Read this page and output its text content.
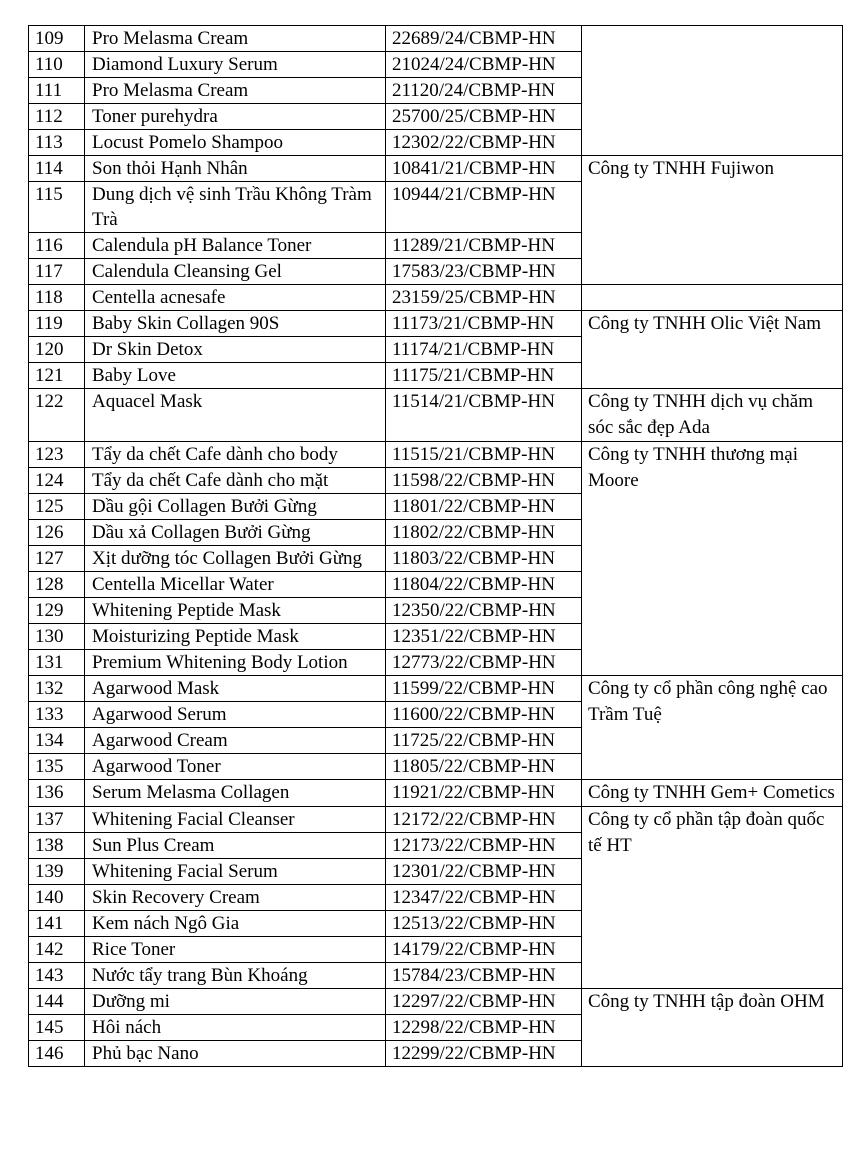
109	Pro Melasma Cream	22689/24/CBMP-HN	
110	Diamond Luxury Serum	21024/24/CBMP-HN	
111	Pro Melasma Cream	21120/24/CBMP-HN	
112	Toner purehydra	25700/25/CBMP-HN	
113	Locust Pomelo Shampoo	12302/22/CBMP-HN	
114	Son thỏi Hạnh Nhân	10841/21/CBMP-HN	Công ty TNHH Fujiwon
115	Dung dịch vệ sinh Trầu Không Tràm Trà	10944/21/CBMP-HN	
116	Calendula pH Balance Toner	11289/21/CBMP-HN	
117	Calendula Cleansing Gel	17583/23/CBMP-HN	
118	Centella acnesafe	23159/25/CBMP-HN	
119	Baby Skin Collagen 90S	11173/21/CBMP-HN	Công ty TNHH Olic Việt Nam
120	Dr Skin Detox	11174/21/CBMP-HN	
121	Baby Love	11175/21/CBMP-HN	
122	Aquacel Mask	11514/21/CBMP-HN	Công ty TNHH dịch vụ chăm sóc sắc đẹp Ada
123	Tẩy da chết Cafe dành cho body	11515/21/CBMP-HN	Công ty TNHH thương mại Moore
124	Tẩy da chết Cafe dành cho mặt	11598/22/CBMP-HN	
125	Dầu gội Collagen Bưởi Gừng	11801/22/CBMP-HN	
126	Dầu xả Collagen Bưởi Gừng	11802/22/CBMP-HN	
127	Xịt dưỡng tóc Collagen Bưởi Gừng	11803/22/CBMP-HN	
128	Centella Micellar Water	11804/22/CBMP-HN	
129	Whitening Peptide Mask	12350/22/CBMP-HN	
130	Moisturizing Peptide Mask	12351/22/CBMP-HN	
131	Premium Whitening Body Lotion	12773/22/CBMP-HN	
132	Agarwood Mask	11599/22/CBMP-HN	Công ty cổ phần công nghệ cao Trầm Tuệ
133	Agarwood Serum	11600/22/CBMP-HN	
134	Agarwood Cream	11725/22/CBMP-HN	
135	Agarwood Toner	11805/22/CBMP-HN	
136	Serum Melasma Collagen	11921/22/CBMP-HN	Công ty TNHH Gem+ Cometics
137	Whitening Facial Cleanser	12172/22/CBMP-HN	Công ty cổ phần tập đoàn quốc tế HT
138	Sun Plus Cream	12173/22/CBMP-HN	
139	Whitening Facial Serum	12301/22/CBMP-HN	
140	Skin Recovery Cream	12347/22/CBMP-HN	
141	Kem nách Ngô Gia	12513/22/CBMP-HN	
142	Rice Toner	14179/22/CBMP-HN	
143	Nước tẩy trang Bùn Khoáng	15784/23/CBMP-HN	
144	Dưỡng mi	12297/22/CBMP-HN	Công ty TNHH tập đoàn OHM
145	Hôi nách	12298/22/CBMP-HN	
146	Phủ bạc Nano	12299/22/CBMP-HN	
